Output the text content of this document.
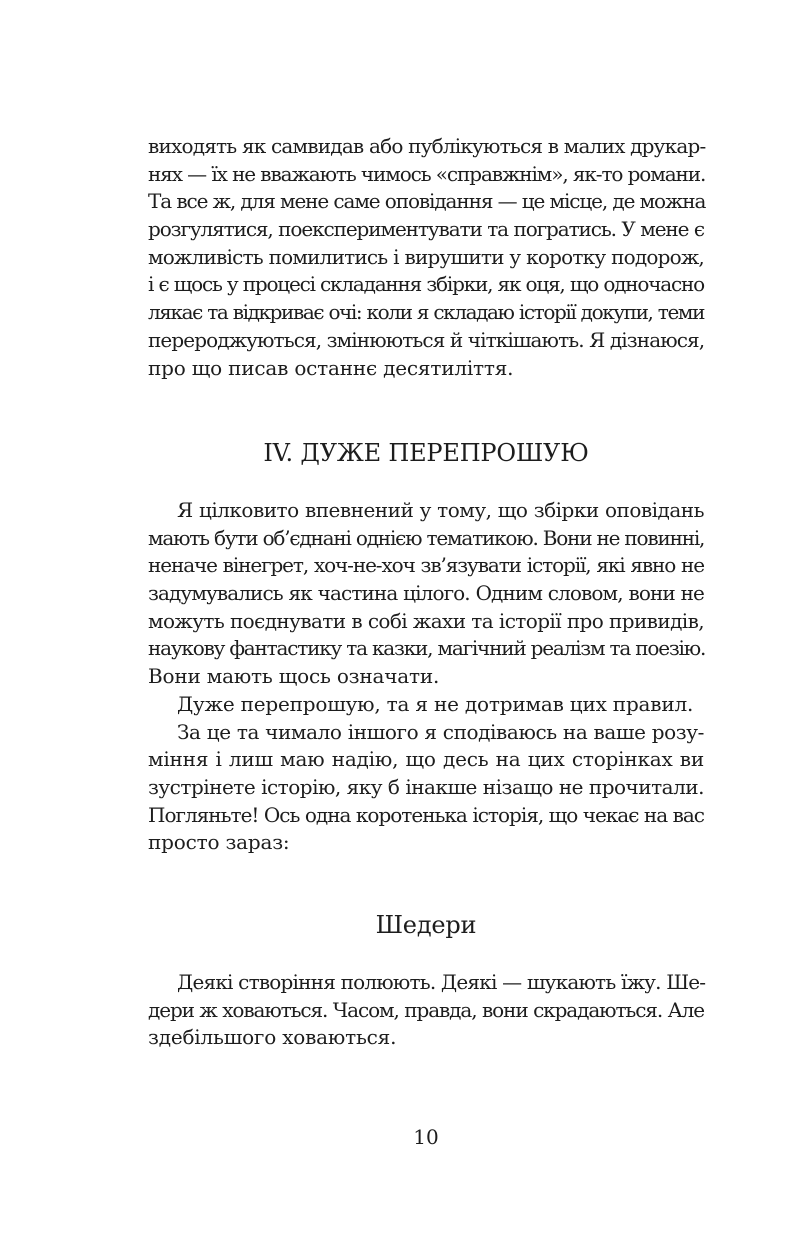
виходять як самвидав або публікуються в малих друкар-
нях — їх не вважають чимось «справжнім», як-то романи.
Та все ж, для мене саме оповідання — це місце, де можна
розгулятися, поекспериментувати та погратись. У мене є
можливість помилитись і вирушити у коротку подорож,
і є щось у процесі складання збірки, як оця, що одночасно
лякає та відкриває очі: коли я складаю історії докупи, теми
перероджуються, змінюються й чіткішають. Я дізнаюся,
про що писав останнє десятиліття.
IV. ДУЖЕ ПЕРЕПРОШУЮ
Я цілковито впевнений у тому, що збірки оповідань
мають бути об’єднані однією тематикою. Вони не повинні,
неначе вінегрет, хоч-не-хоч зв’язувати історії, які явно не
задумувались як частина цілого. Одним словом, вони не
можуть поєднувати в собі жахи та історії про привидів,
наукову фантастику та казки, магічний реалізм та поезію.
Вони мають щось означати.
Дуже перепрошую, та я не дотримав цих правил.
За це та чимало іншого я сподіваюсь на ваше розу-
міння і лиш маю надію, що десь на цих сторінках ви
зустрінете історію, яку б інакше нізащо не прочитали.
Погляньте! Ось одна коротенька історія, що чекає на вас
просто зараз:
Шедери
Деякі створіння полюють. Деякі — шукають їжу. Ше-
дери ж ховаються. Часом, правда, вони скрадаються. Але
здебільшого ховаються.
10
